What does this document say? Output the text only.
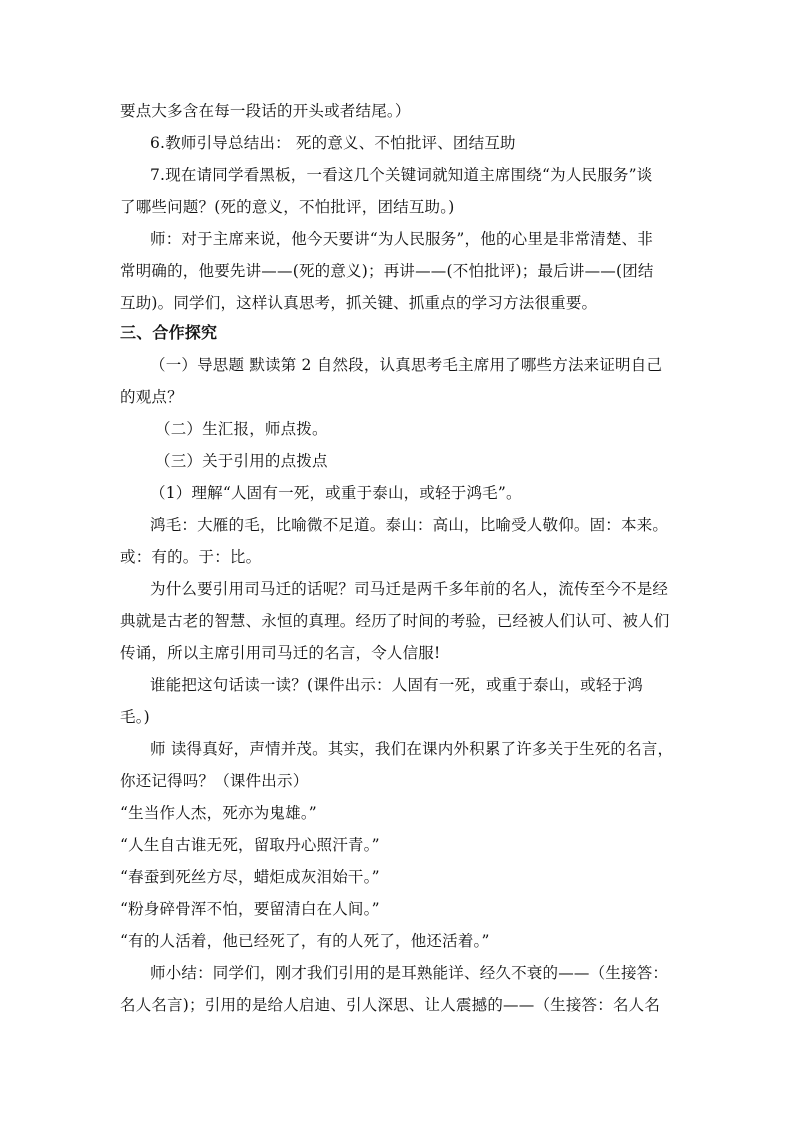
要点大多含在每一段话的开头或者结尾。）
6.教师引导总结出： 死的意义、不怕批评、团结互助
7.现在请同学看黑板，一看这几个关键词就知道主席围绕“为人民服务”谈
了哪些问题？(死的意义，不怕批评，团结互助。)
师：对于主席来说，他今天要讲“为人民服务”，他的心里是非常清楚、非
常明确的，他要先讲——(死的意义)；再讲——(不怕批评)；最后讲——(团结
互助)。同学们，这样认真思考，抓关键、抓重点的学习方法很重要。
三、合作探究
（一）导思题 默读第 2 自然段，认真思考毛主席用了哪些方法来证明自己
的观点？
（二）生汇报，师点拨。
（三）关于引用的点拨点
（1）理解“人固有一死，或重于泰山，或轻于鸿毛”。
鸿毛：大雁的毛，比喻微不足道。泰山：高山，比喻受人敬仰。固：本来。
或：有的。于：比。
为什么要引用司马迁的话呢？司马迁是两千多年前的名人，流传至今不是经
典就是古老的智慧、永恒的真理。经历了时间的考验，已经被人们认可、被人们
传诵，所以主席引用司马迁的名言，令人信服!
谁能把这句话读一读？(课件出示：人固有一死，或重于泰山，或轻于鸿
毛。)
师 读得真好，声情并茂。其实，我们在课内外积累了许多关于生死的名言，
你还记得吗？（课件出示）
“生当作人杰，死亦为鬼雄。”
“人生自古谁无死，留取丹心照汗青。”
“春蚕到死丝方尽，蜡炬成灰泪始干。”
“粉身碎骨浑不怕，要留清白在人间。”
“有的人活着，他已经死了，有的人死了，他还活着。”
师小结：同学们，刚才我们引用的是耳熟能详、经久不衰的——（生接答：
名人名言)；引用的是给人启迪、引人深思、让人震撼的——（生接答：名人名
